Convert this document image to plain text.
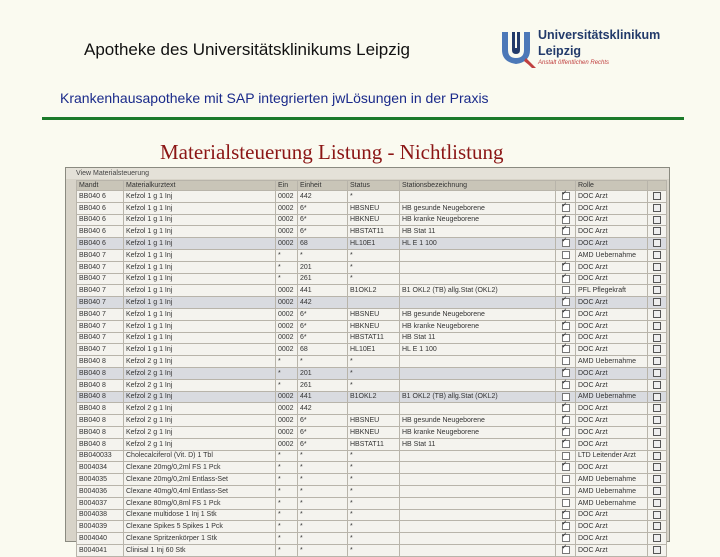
Apotheke des Universitätsklinikums Leipzig
Universitätsklinikum
Leipzig
Anstalt öffentlichen Rechts
Krankenhausapotheke mit SAP integrierten jwLösungen in der Praxis
Materialsteuerung Listung - Nichtlistung
View Materialsteuerung
Mandt	Materialkurztext	Ein	Einheit	Status	Stationsbezeichnung		Rolle	
BB040 6	Kefzol 1 g 1 Inj	0002	442	*		✓	DOC Arzt	
BB040 6	Kefzol 1 g 1 Inj	0002	6*	HBSNEU	HB gesunde Neugeborene	✓	DOC Arzt	
BB040 6	Kefzol 1 g 1 Inj	0002	6*	HBKNEU	HB kranke Neugeborene	✓	DOC Arzt	
BB040 6	Kefzol 1 g 1 Inj	0002	6*	HBSTAT11	HB Stat 11	✓	DOC Arzt	
BB040 6	Kefzol 1 g 1 Inj	0002	68	HL10E1	HL E 1 100	✓	DOC Arzt	
BB040 7	Kefzol 1 g 1 Inj	*	*	*			AMD Uebernahme	
BB040 7	Kefzol 1 g 1 Inj	*	201	*		✓	DOC Arzt	
BB040 7	Kefzol 1 g 1 Inj	*	261	*		✓	DOC Arzt	
BB040 7	Kefzol 1 g 1 Inj	0002	441	B1OKL2	B1 OKL2 (TB) allg.Stat (OKL2)		PFL Pflegekraft	
BB040 7	Kefzol 1 g 1 Inj	0002	442			✓	DOC Arzt	
BB040 7	Kefzol 1 g 1 Inj	0002	6*	HBSNEU	HB gesunde Neugeborene	✓	DOC Arzt	
BB040 7	Kefzol 1 g 1 Inj	0002	6*	HBKNEU	HB kranke Neugeborene	✓	DOC Arzt	
BB040 7	Kefzol 1 g 1 Inj	0002	6*	HBSTAT11	HB Stat 11	✓	DOC Arzt	
BB040 7	Kefzol 1 g 1 Inj	0002	68	HL10E1	HL E 1 100	✓	DOC Arzt	
BB040 8	Kefzol 2 g 1 Inj	*	*	*			AMD Uebernahme	
BB040 8	Kefzol 2 g 1 Inj	*	201	*		✓	DOC Arzt	
BB040 8	Kefzol 2 g 1 Inj	*	261	*		✓	DOC Arzt	
BB040 8	Kefzol 2 g 1 Inj	0002	441	B1OKL2	B1 OKL2 (TB) allg.Stat (OKL2)		AMD Uebernahme	
BB040 8	Kefzol 2 g 1 Inj	0002	442			✓	DOC Arzt	
BB040 8	Kefzol 2 g 1 Inj	0002	6*	HBSNEU	HB gesunde Neugeborene	✓	DOC Arzt	
BB040 8	Kefzol 2 g 1 Inj	0002	6*	HBKNEU	HB kranke Neugeborene	✓	DOC Arzt	
BB040 8	Kefzol 2 g 1 Inj	0002	6*	HBSTAT11	HB Stat 11	✓	DOC Arzt	
BB040033	Cholecalciferol (Vit. D) 1 Tbl	*	*	*			LTD Leitender Arzt	
B004034	Clexane 20mg/0,2ml FS 1 Pck	*	*	*		✓	DOC Arzt	
B004035	Clexane 20mg/0,2ml Entlass-Set	*	*	*			AMD Uebernahme	
B004036	Clexane 40mg/0,4ml Entlass-Set	*	*	*			AMD Uebernahme	
B004037	Clexane 80mg/0,8ml FS 1 Pck	*	*	*			AMD Uebernahme	
B004038	Clexane multidose 1 Inj 1 Stk	*	*	*		✓	DOC Arzt	
B004039	Clexane Spikes 5 Spikes 1 Pck	*	*	*		✓	DOC Arzt	
B004040	Clexane Spritzenkörper 1 Stk	*	*	*		✓	DOC Arzt	
B004041	Clinisal 1 Inj 60 Stk	*	*	*		✓	DOC Arzt	
